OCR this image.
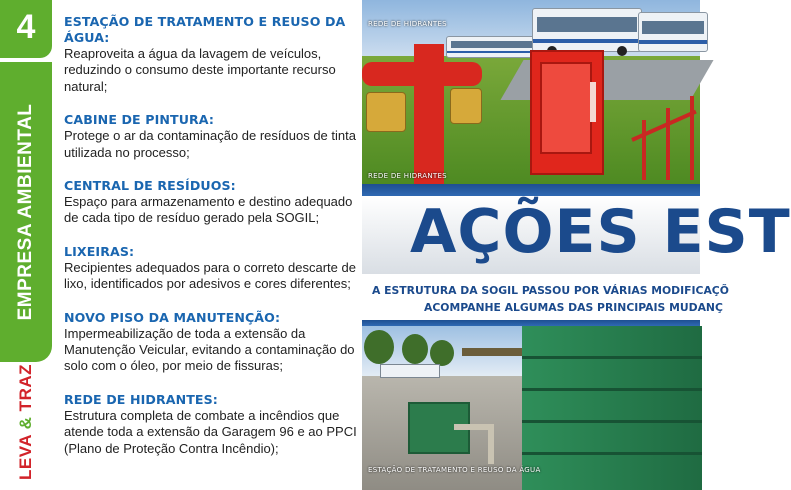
4
EMPRESA AMBIENTAL
LEVA & TRAZ
ESTAÇÃO DE TRATAMENTO E REUSO DA ÁGUA:

Reaproveita a água da lavagem de veículos, reduzindo o consumo deste importante recurso natural;

CABINE DE PINTURA:

Protege o ar da contaminação de resíduos de tinta utilizada no processo;

CENTRAL DE RESÍDUOS:

Espaço para armazenamento e destino adequado de cada tipo de resíduo gerado pela SOGIL;

LIXEIRAS:

Recipientes adequados para o correto descarte de lixo, identificados por adesivos e cores diferentes;

NOVO PISO DA MANUTENÇÃO:

Impermeabilização de toda a extensão da Manutenção Veicular, evitando a contaminação do solo com o óleo, por meio de fissuras;

REDE DE HIDRANTES:

Estrutura completa de combate a incêndios que atende toda a extensão da Garagem 96 e ao PPCI (Plano de Proteção Contra Incêndio);

REDE DE HIDRANTES
REDE DE HIDRANTES
AÇÕES EST
A ESTRUTURA DA SOGIL PASSOU POR VÁRIAS MODIFICAÇÕ
ACOMPANHE ALGUMAS DAS PRINCIPAIS MUDANÇ
ESTAÇÃO DE TRATAMENTO E REUSO DA ÁGUA
